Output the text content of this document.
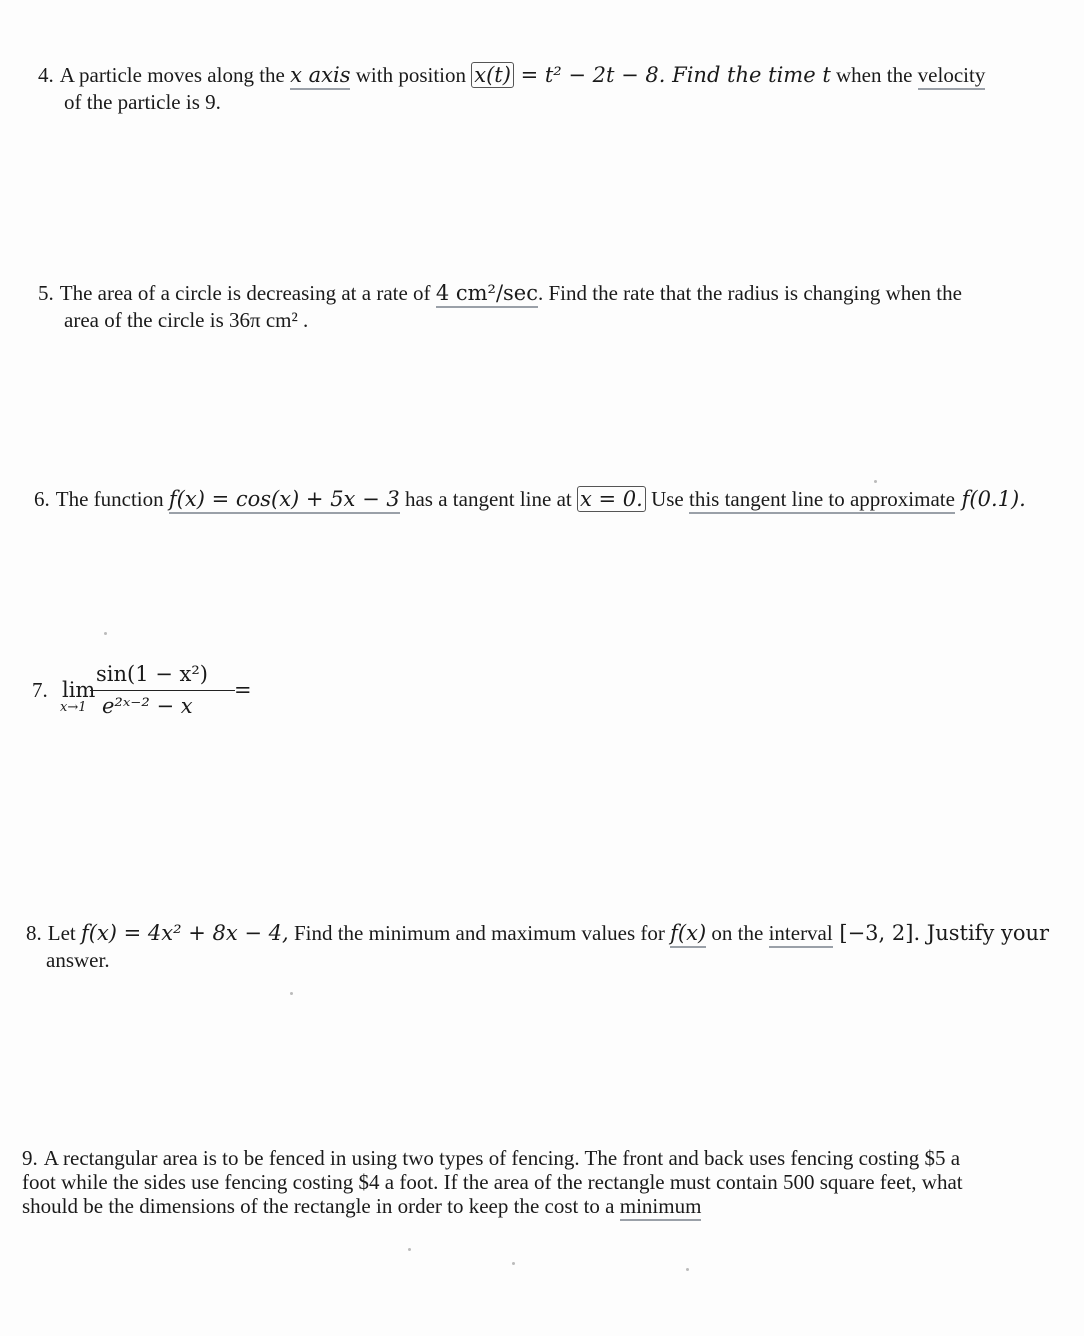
4. A particle moves along the x axis with position x(t) = t² − 2t − 8. Find the time t when the velocity
of the particle is 9.
5. The area of a circle is decreasing at a rate of 4 cm²/sec. Find the rate that the radius is changing when the
area of the circle is 36π cm² .
6. The function f(x) = cos(x) + 5x − 3 has a tangent line at x = 0. Use this tangent line to approximate f(0.1).
7. lim
x→1
sin(1 − x²)
e²ˣ⁻² − x
=
8. Let f(x) = 4x² + 8x − 4, Find the minimum and maximum values for f(x) on the interval [−3, 2]. Justify your
answer.
9. A rectangular area is to be fenced in using two types of fencing. The front and back uses fencing costing $5 a
foot while the sides use fencing costing $4 a foot. If the area of the rectangle must contain 500 square feet, what
should be the dimensions of the rectangle in order to keep the cost to a minimum
